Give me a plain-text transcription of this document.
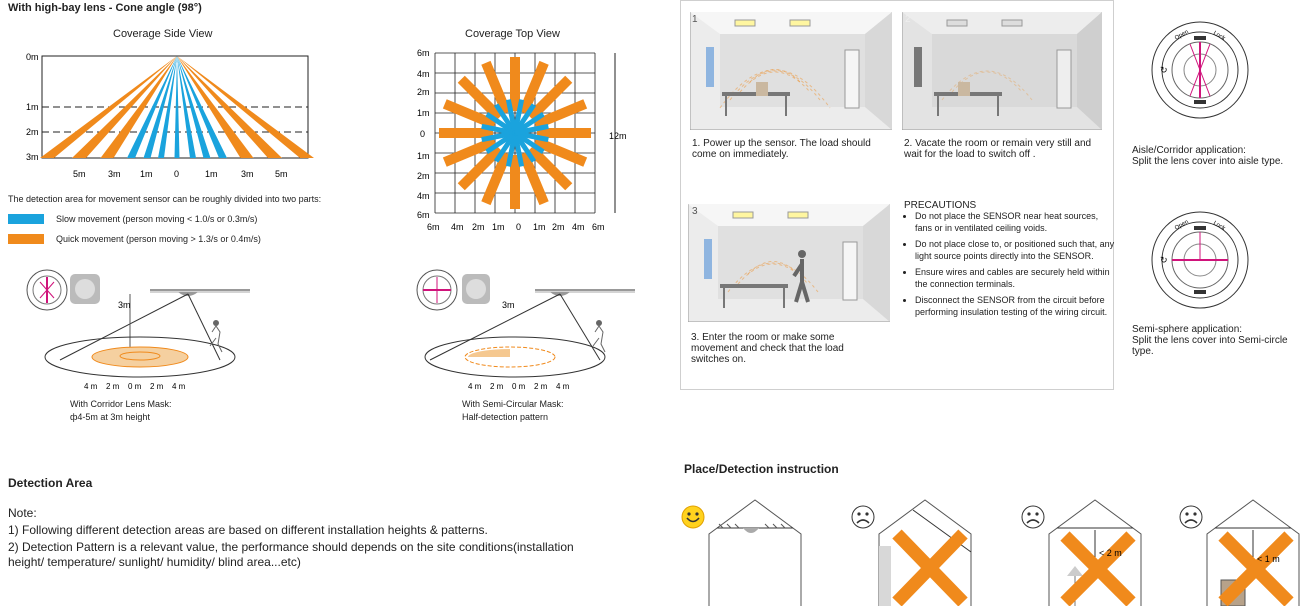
With high-bay lens - Cone angle (98°)
Coverage Side View
0m
1m
2m
3m
5m 3m 1m 0	1m	3m 5m
Coverage Top View
12m
6m
4m
2m
1m
0
1m
2m
4m
6m
6m 4m 2m 1m 0 1m 2m 4m 6m
The detection area for movement sensor can be roughly divided into two parts:
Slow movement (person moving < 1.0/s or 0.3m/s)
Quick movement (person moving > 1.3/s or 0.4m/s)
3m
4 m 2 m 0 m 2 m 4 m
With Corridor Lens Mask:
ф4-5m at 3m height
3m
4 m 2 m 0 m 2 m 4 m
With Semi-Circular Mask:
Half-detection pattern
Detection Area
Note:
1) Following different detection areas are based on different installation heights & patterns.
2) Detection Pattern is a relevant value, the performance should depends on the site conditions(installation
height/ temperature/ sunlight/ humidity/ blind area...etc)
1	2
1. Power up the sensor. The load should come on immediately.
2. Vacate the room or remain very still and wait for the load to switch off .
3
3. Enter the room or make some movement and check that the load switches on.
PRECAUTIONS
• Do not place the SENSOR near heat sources, fans or in ventilated ceiling voids.
• Do not place close to, or positioned such that, any light source points directly into the SENSOR.
• Ensure wires and cables are securely held within the connection terminals.
• Disconnect the SENSOR from the circuit before performing insulation testing of the wiring circuit.
Open	Lock
↻
Aisle/Corridor application:
Split the lens cover into aisle type.
Open	Lock
↻
Semi-sphere application:
Split the lens cover into Semi-circle type.
Place/Detection instruction
< 2 m
< 1 m
